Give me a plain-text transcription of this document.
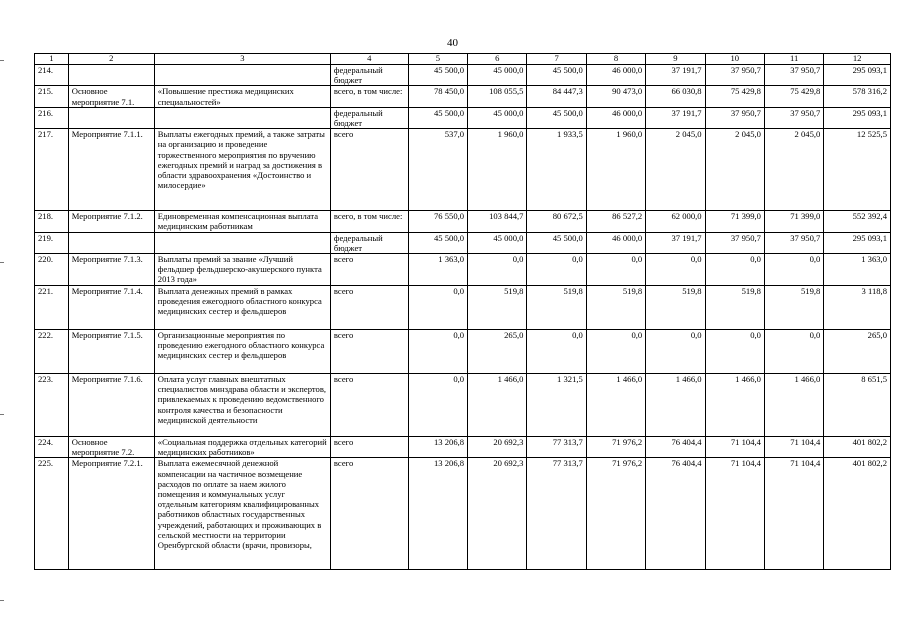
40
1	2	3	4	5	6	7	8	9	10	11	12
214.			федеральный бюджет	45 500,0	45 000,0	45 500,0	46 000,0	37 191,7	37 950,7	37 950,7	295 093,1
215.	Основное мероприятие 7.1.	«Повышение престижа медицинских специальностей»	всего, в том числе:	78 450,0	108 055,5	84 447,3	90 473,0	66 030,8	75 429,8	75 429,8	578 316,2
216.			федеральный бюджет	45 500,0	45 000,0	45 500,0	46 000,0	37 191,7	37 950,7	37 950,7	295 093,1
217.	Мероприятие 7.1.1.	Выплаты ежегодных премий, а также затраты на организацию и проведение торжественного мероприятия по вручению ежегодных премий и наград за достижения в области здравоохранения «Достоинство и милосердие»	всего	537,0	1 960,0	1 933,5	1 960,0	2 045,0	2 045,0	2 045,0	12 525,5
218.	Мероприятие 7.1.2.	Единовременная компенсационная выплата медицинским работникам	всего, в том числе:	76 550,0	103 844,7	80 672,5	86 527,2	62 000,0	71 399,0	71 399,0	552 392,4
219.			федеральный бюджет	45 500,0	45 000,0	45 500,0	46 000,0	37 191,7	37 950,7	37 950,7	295 093,1
220.	Мероприятие 7.1.3.	Выплаты премий за звание «Лучший фельдшер фельдшерско-акушерского пункта 2013 года»	всего	1 363,0	0,0	0,0	0,0	0,0	0,0	0,0	1 363,0
221.	Мероприятие 7.1.4.	Выплата денежных премий в рамках проведения ежегодного областного конкурса медицинских сестер и фельдшеров	всего	0,0	519,8	519,8	519,8	519,8	519,8	519,8	3 118,8
222.	Мероприятие 7.1.5.	Организационные мероприятия по проведению ежегодного областного конкурса медицинских сестер и фельдшеров	всего	0,0	265,0	0,0	0,0	0,0	0,0	0,0	265,0
223.	Мероприятие 7.1.6.	Оплата услуг главных внештатных специалистов минздрава области и экспертов, привлекаемых к проведению ведомственного контроля качества и безопасности медицинской деятельности	всего	0,0	1 466,0	1 321,5	1 466,0	1 466,0	1 466,0	1 466,0	8 651,5
224.	Основное мероприятие 7.2.	«Социальная поддержка отдельных категорий медицинских работников»	всего	13 206,8	20 692,3	77 313,7	71 976,2	76 404,4	71 104,4	71 104,4	401 802,2
225.	Мероприятие 7.2.1.	Выплата ежемесячной денежной компенсации на частичное возмещение расходов по оплате за наем жилого помещения и коммунальных услуг отдельным категориям квалифицированных работников областных государственных учреждений, работающих и проживающих в сельской местности на территории Оренбургской области (врачи, провизоры,	всего	13 206,8	20 692,3	77 313,7	71 976,2	76 404,4	71 104,4	71 104,4	401 802,2
